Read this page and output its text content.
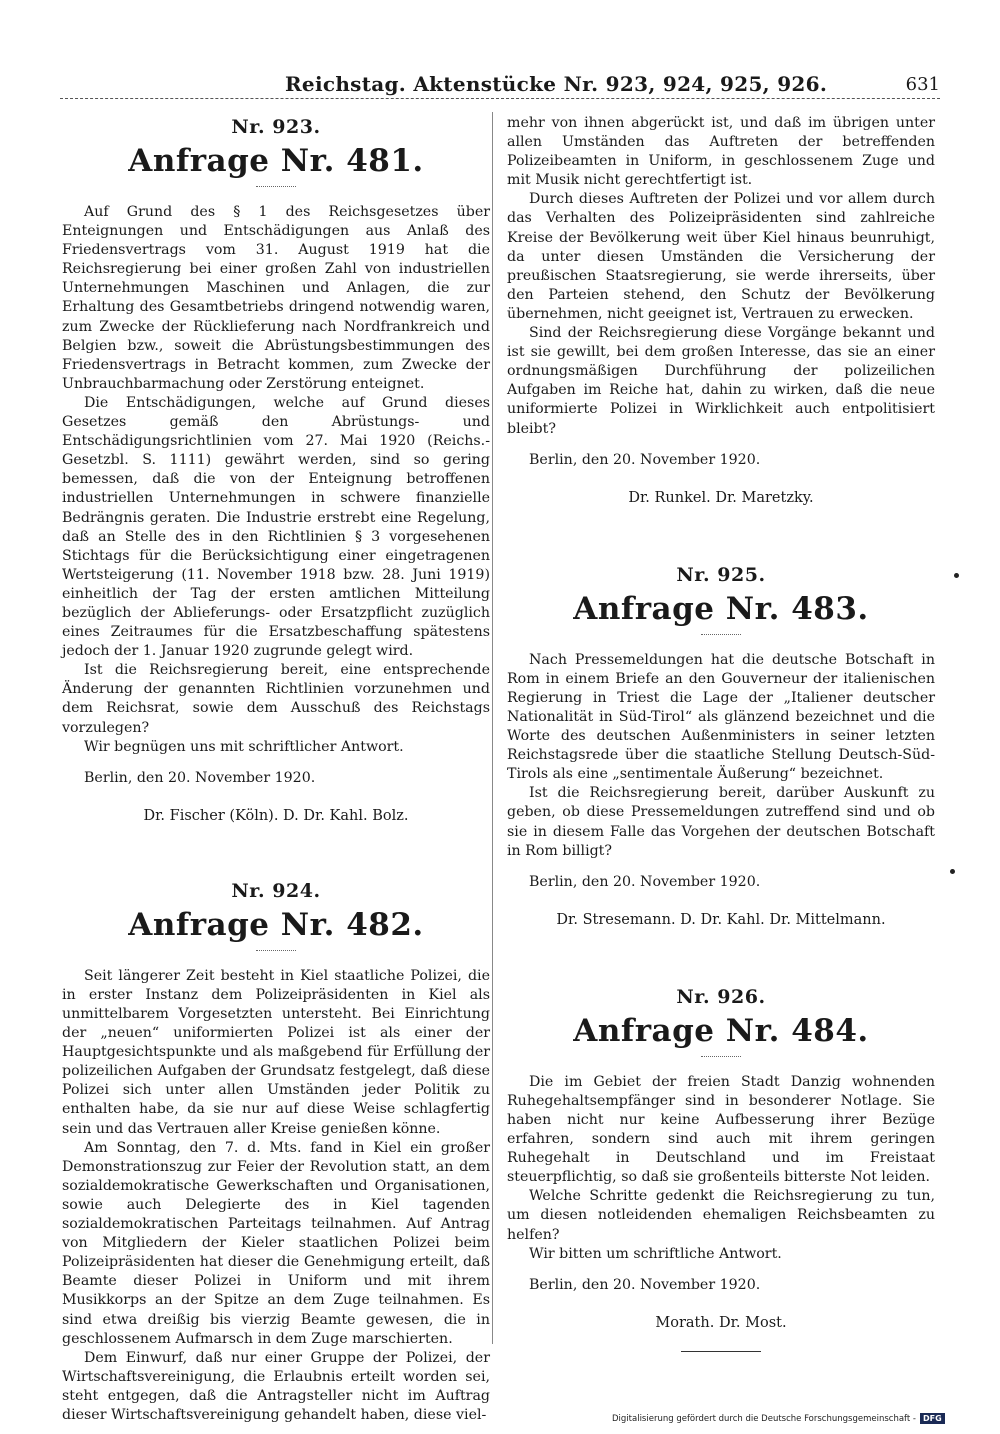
Reichstag. Aktenstücke Nr. 923, 924, 925, 926.	631
Nr. 923.
Anfrage Nr. 481.

Auf Grund des § 1 des Reichsgesetzes über Enteignungen und Entschädigungen aus Anlaß des Friedensvertrags vom 31. August 1919 hat die Reichsregierung bei einer großen Zahl von industriellen Unternehmungen Maschinen und Anlagen, die zur Erhaltung des Gesamtbetriebs dringend notwendig waren, zum Zwecke der Rücklieferung nach Nordfrankreich und Belgien bzw., soweit die Abrüstungsbestimmungen des Friedensvertrags in Betracht kommen, zum Zwecke der Unbrauchbarmachung oder Zerstörung enteignet.

Die Entschädigungen, welche auf Grund dieses Gesetzes gemäß den Abrüstungs- und Entschädigungsrichtlinien vom 27. Mai 1920 (Reichs.-Gesetzbl. S. 1111) gewährt werden, sind so gering bemessen, daß die von der Enteignung betroffenen industriellen Unternehmungen in schwere finanzielle Bedrängnis geraten. Die Industrie erstrebt eine Regelung, daß an Stelle des in den Richtlinien § 3 vorgesehenen Stichtags für die Berücksichtigung einer eingetragenen Wertsteigerung (11. November 1918 bzw. 28. Juni 1919) einheitlich der Tag der ersten amtlichen Mitteilung bezüglich der Ablieferungs- oder Ersatzpflicht zuzüglich eines Zeitraumes für die Ersatzbeschaffung spätestens jedoch der 1. Januar 1920 zugrunde gelegt wird.

Ist die Reichsregierung bereit, eine entsprechende Änderung der genannten Richtlinien vorzunehmen und dem Reichsrat, sowie dem Ausschuß des Reichstags vorzulegen?

Wir begnügen uns mit schriftlicher Antwort.

Berlin, den 20. November 1920.
Dr. Fischer (Köln). D. Dr. Kahl. Bolz.
Nr. 924.
Anfrage Nr. 482.

Seit längerer Zeit besteht in Kiel staatliche Polizei, die in erster Instanz dem Polizeipräsidenten in Kiel als unmittelbarem Vorgesetzten untersteht. Bei Einrichtung der „neuen“ uniformierten Polizei ist als einer der Hauptgesichtspunkte und als maßgebend für Erfüllung der polizeilichen Aufgaben der Grundsatz festgelegt, daß diese Polizei sich unter allen Umständen jeder Politik zu enthalten habe, da sie nur auf diese Weise schlagfertig sein und das Vertrauen aller Kreise genießen könne.

Am Sonntag, den 7. d. Mts. fand in Kiel ein großer Demonstrationszug zur Feier der Revolution statt, an dem sozialdemokratische Gewerkschaften und Organisationen, sowie auch Delegierte des in Kiel tagenden sozialdemokratischen Parteitags teilnahmen. Auf Antrag von Mitgliedern der Kieler staatlichen Polizei beim Polizeipräsidenten hat dieser die Genehmigung erteilt, daß Beamte dieser Polizei in Uniform und mit ihrem Musikkorps an der Spitze an dem Zuge teilnahmen. Es sind etwa dreißig bis vierzig Beamte gewesen, die in geschlossenem Aufmarsch in dem Zuge marschierten.

Dem Einwurf, daß nur einer Gruppe der Polizei, der Wirtschaftsvereinigung, die Erlaubnis erteilt worden sei, steht entgegen, daß die Antragsteller nicht im Auftrag dieser Wirtschaftsvereinigung gehandelt haben, diese viel-

mehr von ihnen abgerückt ist, und daß im übrigen unter allen Umständen das Auftreten der betreffenden Polizeibeamten in Uniform, in geschlossenem Zuge und mit Musik nicht gerechtfertigt ist.

Durch dieses Auftreten der Polizei und vor allem durch das Verhalten des Polizeipräsidenten sind zahlreiche Kreise der Bevölkerung weit über Kiel hinaus beunruhigt, da unter diesen Umständen die Versicherung der preußischen Staatsregierung, sie werde ihrerseits, über den Parteien stehend, den Schutz der Bevölkerung übernehmen, nicht geeignet ist, Vertrauen zu erwecken.

Sind der Reichsregierung diese Vorgänge bekannt und ist sie gewillt, bei dem großen Interesse, das sie an einer ordnungsmäßigen Durchführung der polizeilichen Aufgaben im Reiche hat, dahin zu wirken, daß die neue uniformierte Polizei in Wirklichkeit auch entpolitisiert bleibt?

Berlin, den 20. November 1920.
Dr. Runkel. Dr. Maretzky.
Nr. 925.
Anfrage Nr. 483.

Nach Pressemeldungen hat die deutsche Botschaft in Rom in einem Briefe an den Gouverneur der italienischen Regierung in Triest die Lage der „Italiener deutscher Nationalität in Süd-Tirol“ als glänzend bezeichnet und die Worte des deutschen Außenministers in seiner letzten Reichstagsrede über die staatliche Stellung Deutsch-Süd-Tirols als eine „sentimentale Äußerung“ bezeichnet.

Ist die Reichsregierung bereit, darüber Auskunft zu geben, ob diese Pressemeldungen zutreffend sind und ob sie in diesem Falle das Vorgehen der deutschen Botschaft in Rom billigt?

Berlin, den 20. November 1920.
Dr. Stresemann. D. Dr. Kahl. Dr. Mittelmann.
Nr. 926.
Anfrage Nr. 484.

Die im Gebiet der freien Stadt Danzig wohnenden Ruhegehaltsempfänger sind in besonderer Notlage. Sie haben nicht nur keine Aufbesserung ihrer Bezüge erfahren, sondern sind auch mit ihrem geringen Ruhegehalt in Deutschland und im Freistaat steuerpflichtig, so daß sie großenteils bitterste Not leiden.

Welche Schritte gedenkt die Reichsregierung zu tun, um diesen notleidenden ehemaligen Reichsbeamten zu helfen?

Wir bitten um schriftliche Antwort.

Berlin, den 20. November 1920.
Morath. Dr. Most.
Digitalisierung gefördert durch die Deutsche Forschungsgemeinschaft - DFG
